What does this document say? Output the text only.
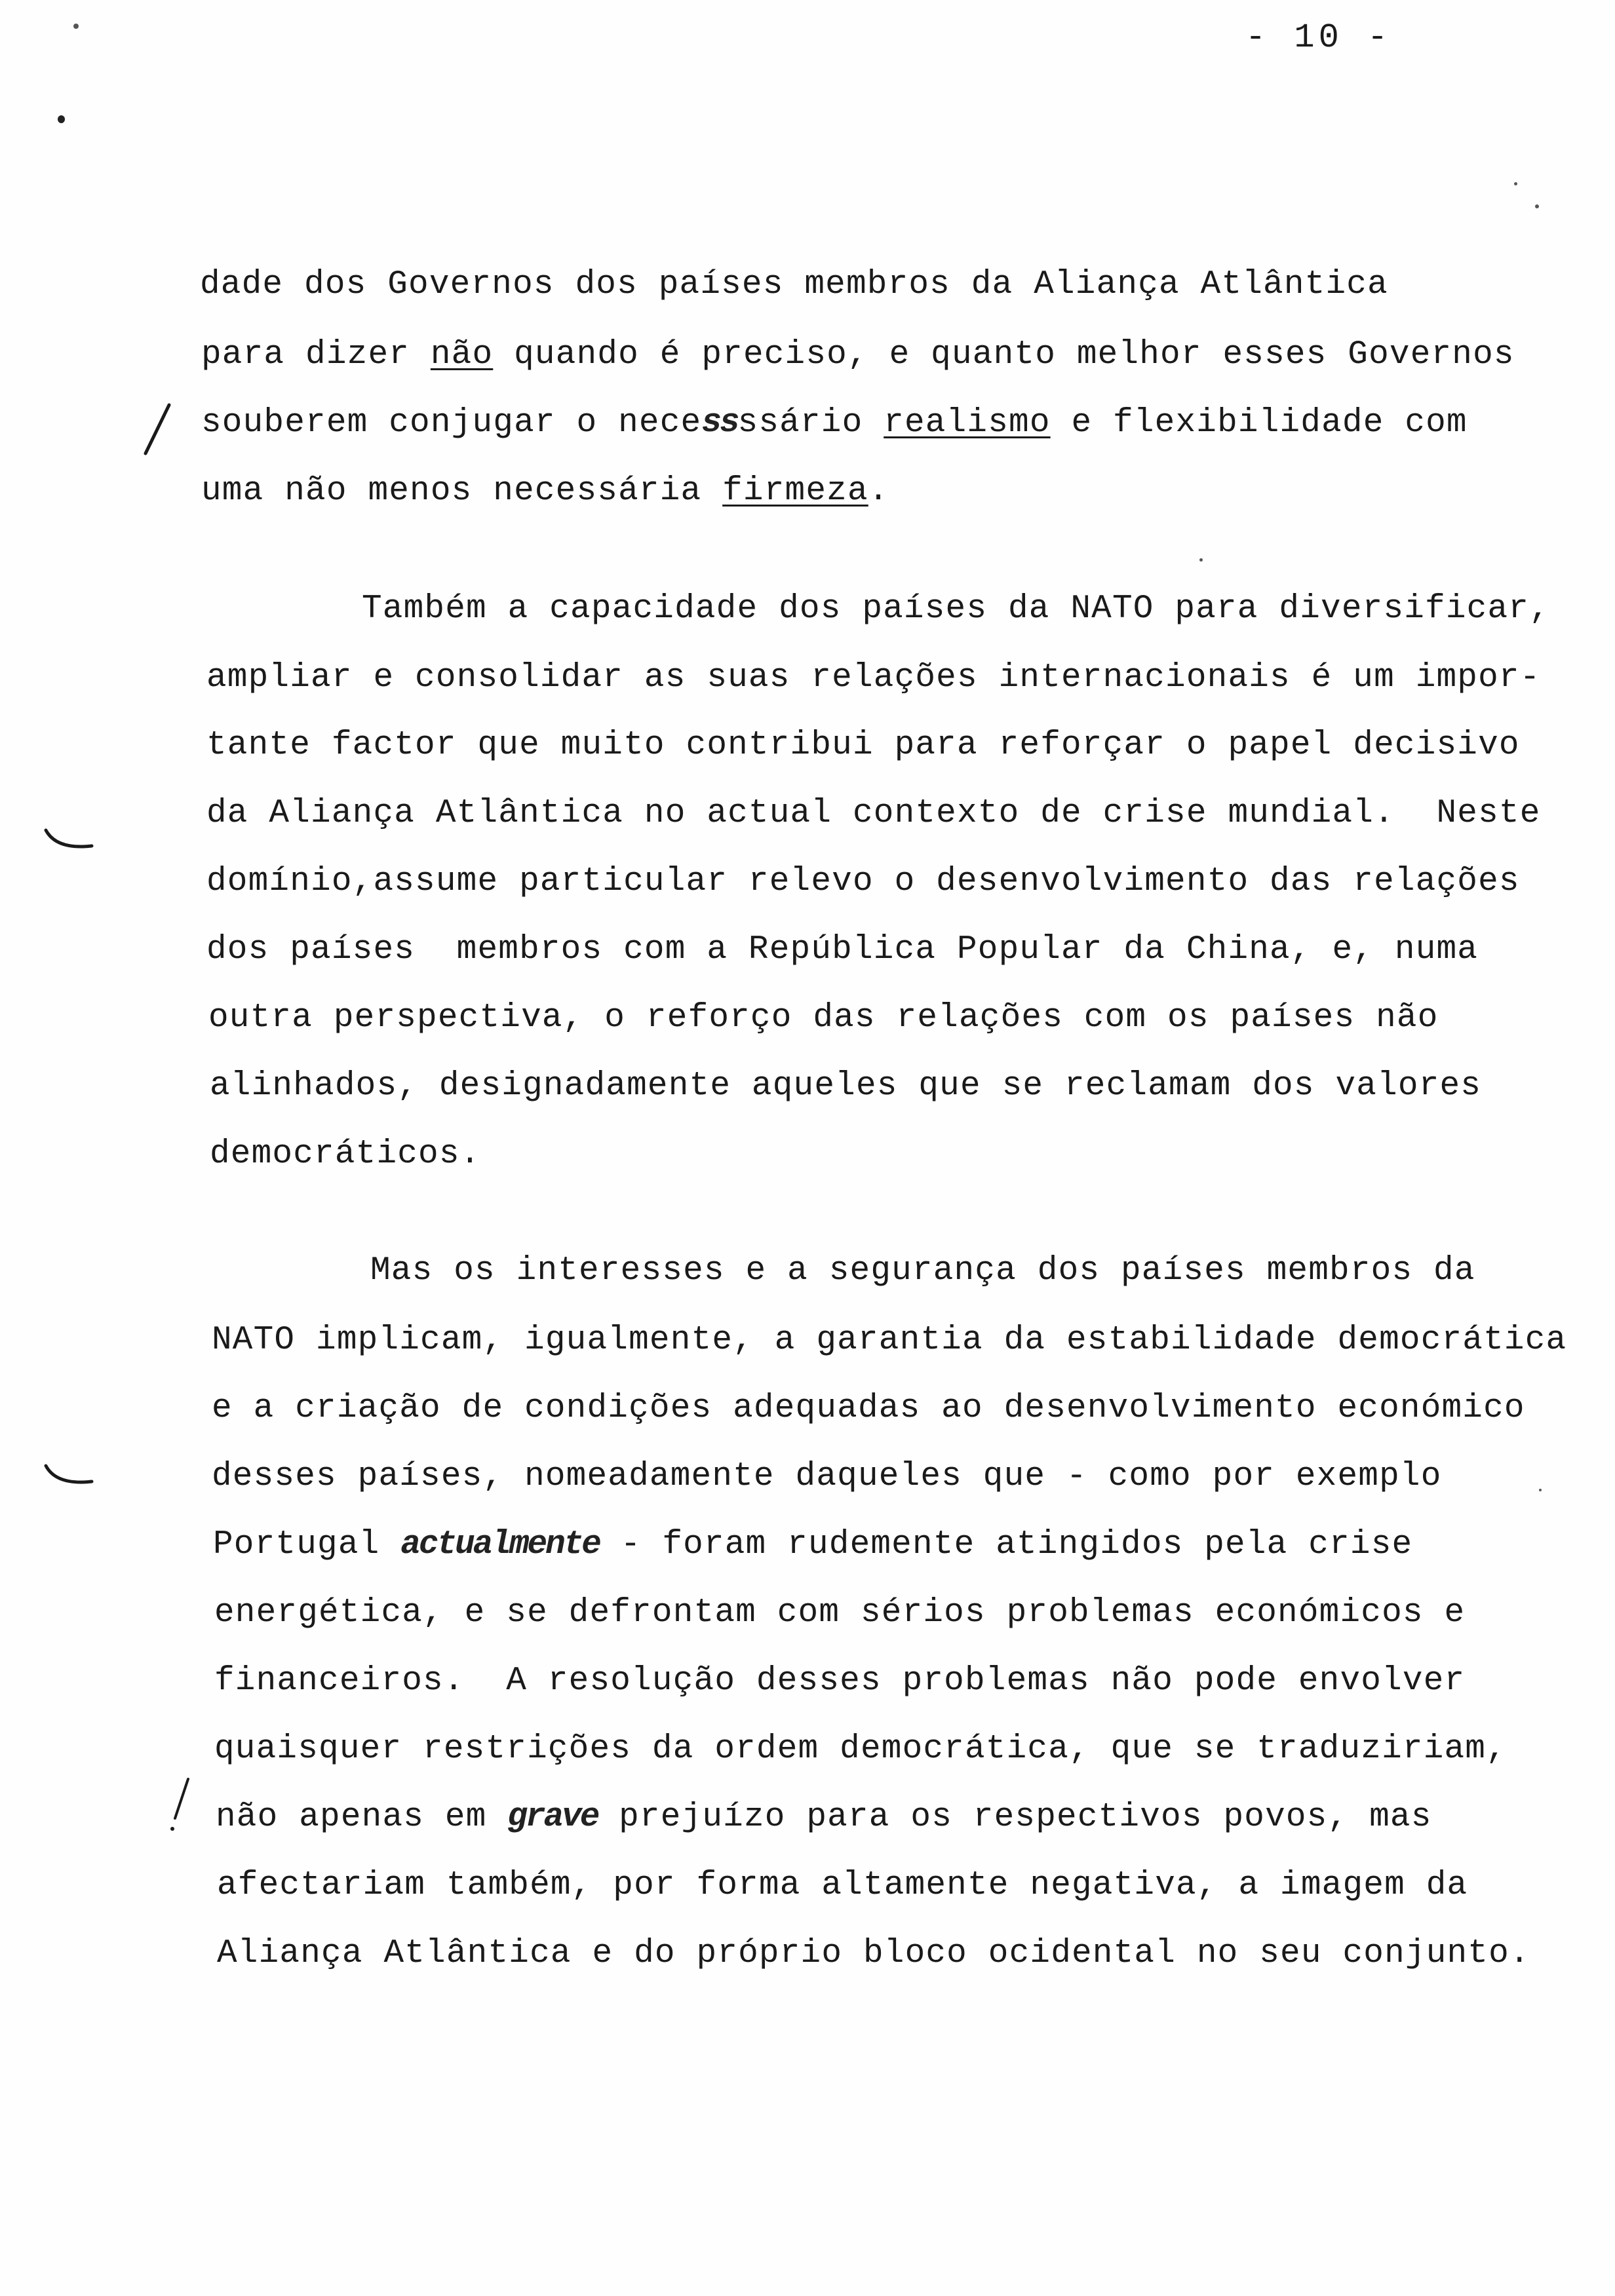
- 10 -
dade dos Governos dos países membros da Aliança Atlântica
para dizer não quando é preciso, e quanto melhor esses Governos
souberem conjugar o necessssário realismo e flexibilidade com
uma não menos necessária firmeza.
Também a capacidade dos países da NATO para diversificar,
ampliar e consolidar as suas relações internacionais é um impor-
tante factor que muito contribui para reforçar o papel decisivo
da Aliança Atlântica no actual contexto de crise mundial.  Neste
domínio,assume particular relevo o desenvolvimento das relações
dos países  membros com a República Popular da China, e, numa
outra perspectiva, o reforço das relações com os países não
alinhados, designadamente aqueles que se reclamam dos valores
democráticos.
Mas os interesses e a segurança dos países membros da
NATO implicam, igualmente, a garantia da estabilidade democrática
e a criação de condições adequadas ao desenvolvimento económico
desses países, nomeadamente daqueles que - como por exemplo
Portugal actualmente - foram rudemente atingidos pela crise
energética, e se defrontam com sérios problemas económicos e
financeiros.  A resolução desses problemas não pode envolver
quaisquer restrições da ordem democrática, que se traduziriam,
não apenas em grave prejuízo para os respectivos povos, mas
afectariam também, por forma altamente negativa, a imagem da
Aliança Atlântica e do próprio bloco ocidental no seu conjunto.
